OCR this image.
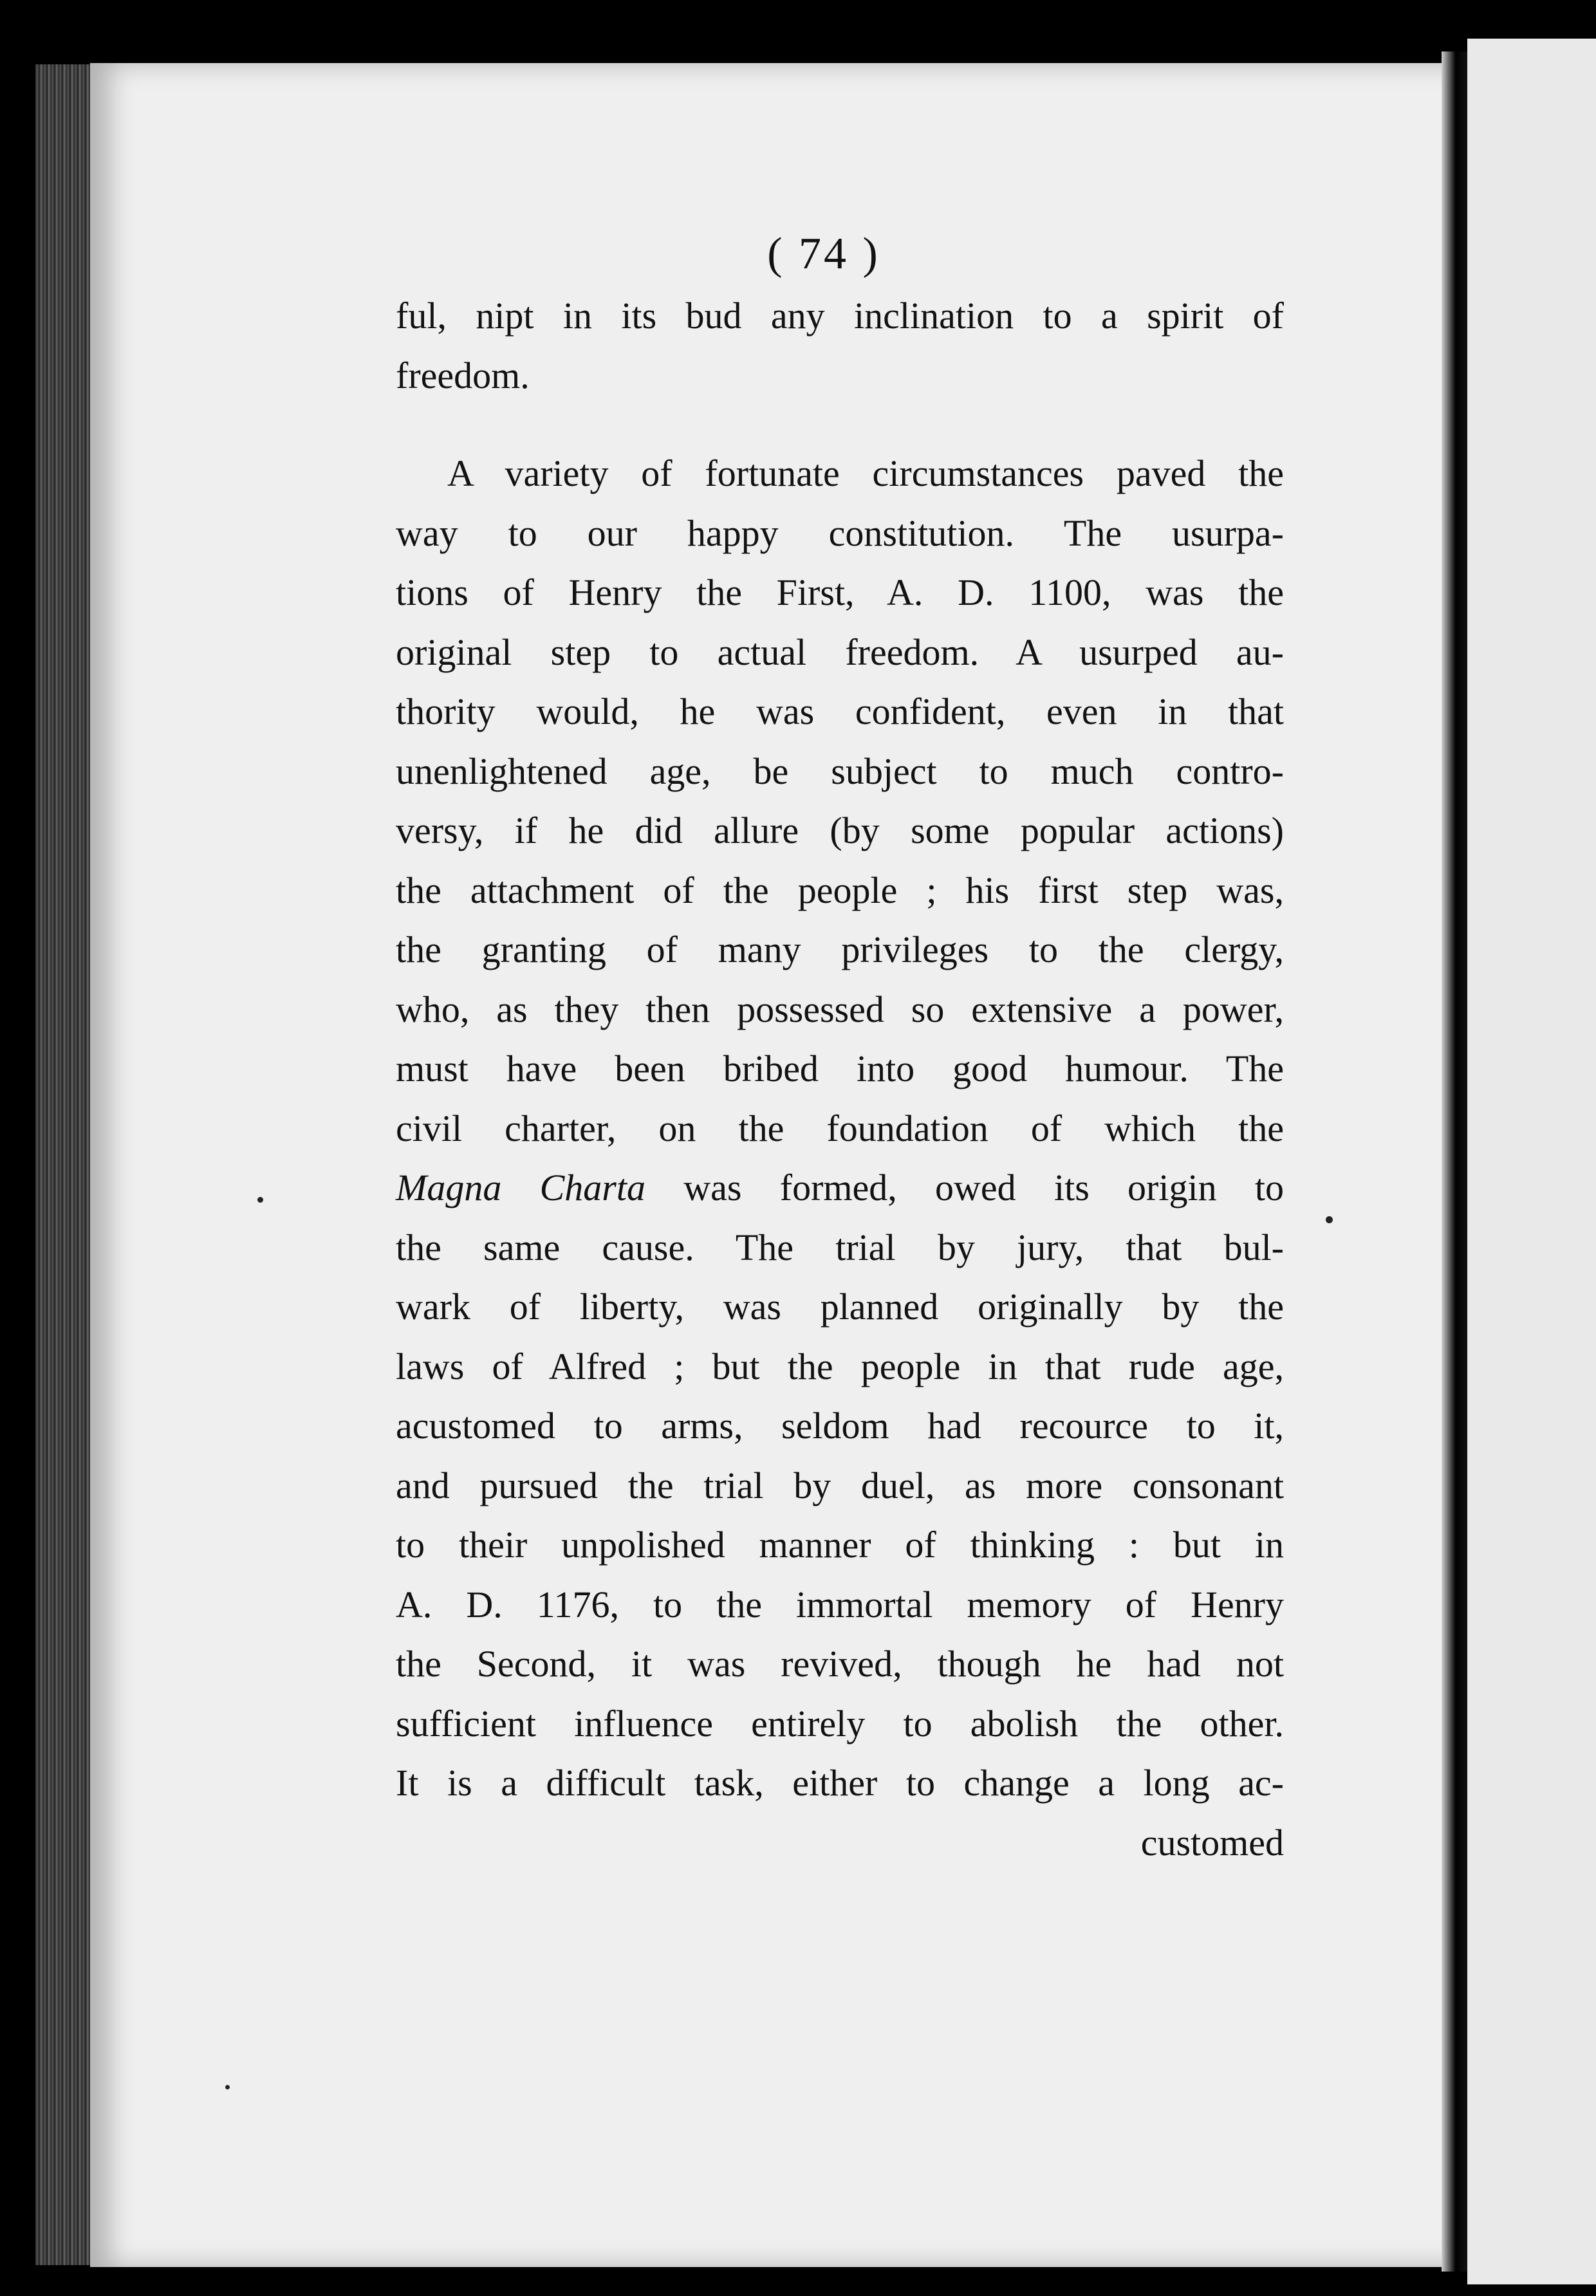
( 74 )
ful, nipt in its bud any inclination to a spirit of
freedom.
A variety of fortunate circumstances paved the
way to our happy constitution. The usurpa-
tions of Henry the First, A. D. 1100, was the
original step to actual freedom. A usurped au-
thority would, he was confident, even in that
unenlightened age, be subject to much contro-
versy, if he did allure (by some popular actions)
the attachment of the people ; his first step was,
the granting of many privileges to the clergy,
who, as they then possessed so extensive a power,
must have been bribed into good humour. The
civil charter, on the foundation of which the
Magna Charta was formed, owed its origin to
the same cause. The trial by jury, that bul-
wark of liberty, was planned originally by the
laws of Alfred ; but the people in that rude age,
acustomed to arms, seldom had recource to it,
and pursued the trial by duel, as more consonant
to their unpolished manner of thinking : but in
A. D. 1176, to the immortal memory of Henry
the Second, it was revived, though he had not
sufficient influence entirely to abolish the other.
It is a difficult task, either to change a long ac-
customed
